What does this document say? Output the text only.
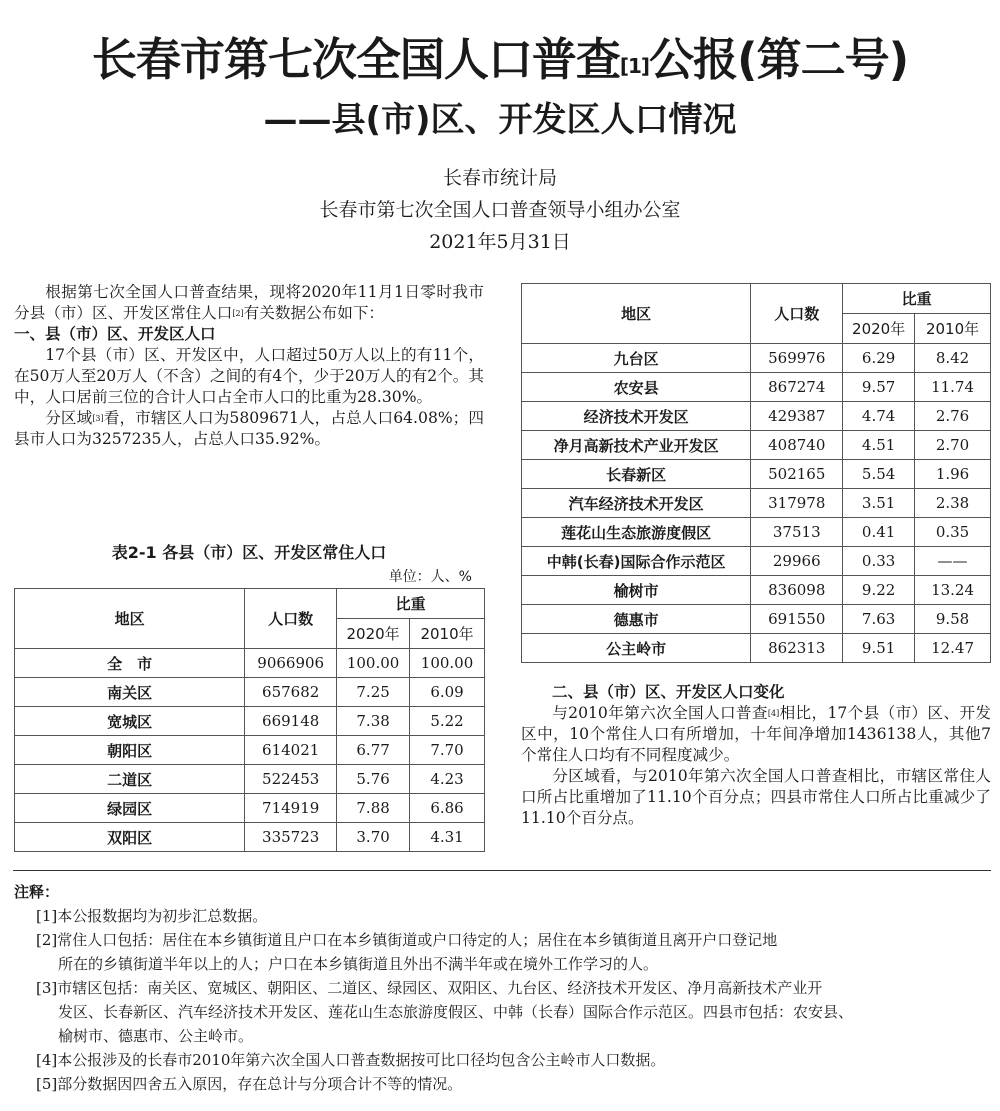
长春市第七次全国人口普查[1]公报(第二号)
——县(市)区、开发区人口情况
长春市统计局
长春市第七次全国人口普查领导小组办公室
2021年5月31日
根据第七次全国人口普查结果，现将2020年11月1日零时我市分县（市）区、开发区常住人口[2]有关数据公布如下：
一、县（市）区、开发区人口
17个县（市）区、开发区中，人口超过50万人以上的有11个，在50万人至20万人（不含）之间的有4个，少于20万人的有2个。其中，人口居前三位的合计人口占全市人口的比重为28.30%。
分区域[3]看，市辖区人口为5809671人，占总人口64.08%；四县市人口为3257235人，占总人口35.92%。
表2-1 各县（市）区、开发区常住人口
单位：人、%
地区	人口数	比重	
		2020年	2010年
全　市	9066906	100.00	100.00
南关区	657682	7.25	6.09
宽城区	669148	7.38	5.22
朝阳区	614021	6.77	7.70
二道区	522453	5.76	4.23
绿园区	714919	7.88	6.86
双阳区	335723	3.70	4.31
地区	人口数	比重	
		2020年	2010年
九台区	569976	6.29	8.42
农安县	867274	9.57	11.74
经济技术开发区	429387	4.74	2.76
净月高新技术产业开发区	408740	4.51	2.70
长春新区	502165	5.54	1.96
汽车经济技术开发区	317978	3.51	2.38
莲花山生态旅游度假区	37513	0.41	0.35
中韩(长春)国际合作示范区	29966	0.33	——
榆树市	836098	9.22	13.24
德惠市	691550	7.63	9.58
公主岭市	862313	9.51	12.47
二、县（市）区、开发区人口变化
与2010年第六次全国人口普查[4]相比，17个县（市）区、开发区中，10个常住人口有所增加，十年间净增加1436138人，其他7个常住人口均有不同程度减少。
分区域看，与2010年第六次全国人口普查相比，市辖区常住人口所占比重增加了11.10个百分点；四县市常住人口所占比重减少了11.10个百分点。
注释：
[1]本公报数据均为初步汇总数据。
[2]常住人口包括：居住在本乡镇街道且户口在本乡镇街道或户口待定的人；居住在本乡镇街道且离开户口登记地
所在的乡镇街道半年以上的人；户口在本乡镇街道且外出不满半年或在境外工作学习的人。
[3]市辖区包括：南关区、宽城区、朝阳区、二道区、绿园区、双阳区、九台区、经济技术开发区、净月高新技术产业开
发区、长春新区、汽车经济技术开发区、莲花山生态旅游度假区、中韩（长春）国际合作示范区。四县市包括：农安县、
榆树市、德惠市、公主岭市。
[4]本公报涉及的长春市2010年第六次全国人口普查数据按可比口径均包含公主岭市人口数据。
[5]部分数据因四舍五入原因，存在总计与分项合计不等的情况。
